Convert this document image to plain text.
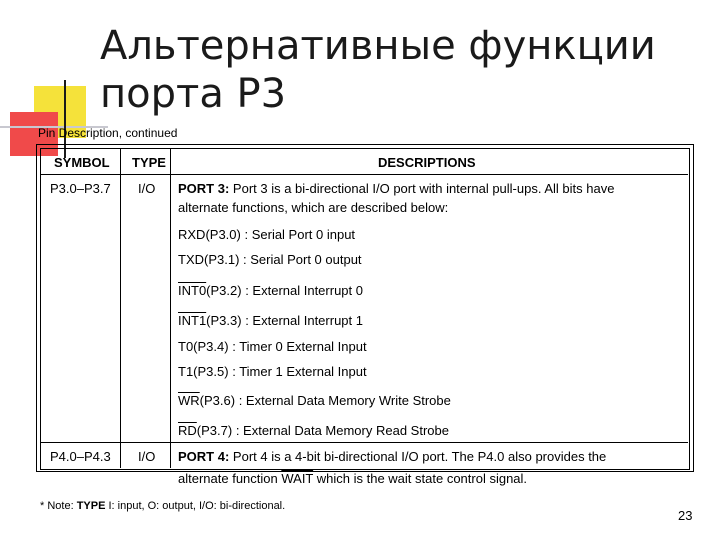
Альтернативные функции
порта P3
Pin Description, continued
SYMBOL TYPE	DESCRIPTIONS
P3.0–P3.7 I/O PORT 3: Port 3 is a bi-directional I/O port with internal pull-ups. All bits have
alternate functions, which are described below:
RXD(P3.0) : Serial Port 0 input
TXD(P3.1) : Serial Port 0 output
INT0(P3.2) : External Interrupt 0
INT1(P3.3) : External Interrupt 1
T0(P3.4) : Timer 0 External Input
T1(P3.5) : Timer 1 External Input
$\overline{WR}(P3.6)$ : External Data Memory Write Strobe
$\overline{RD}(P3.7)$ : External Data Memory Read Strobe
P4.0–P4.3 I/O PORT 4: Port 4 is a 4-bit bi-directional I/O port. The P4.0 also provides the
alternate function WAIT which is the wait state control signal.
* Note: TYPE I: input, O: output, I/O: bi-directional.
23
